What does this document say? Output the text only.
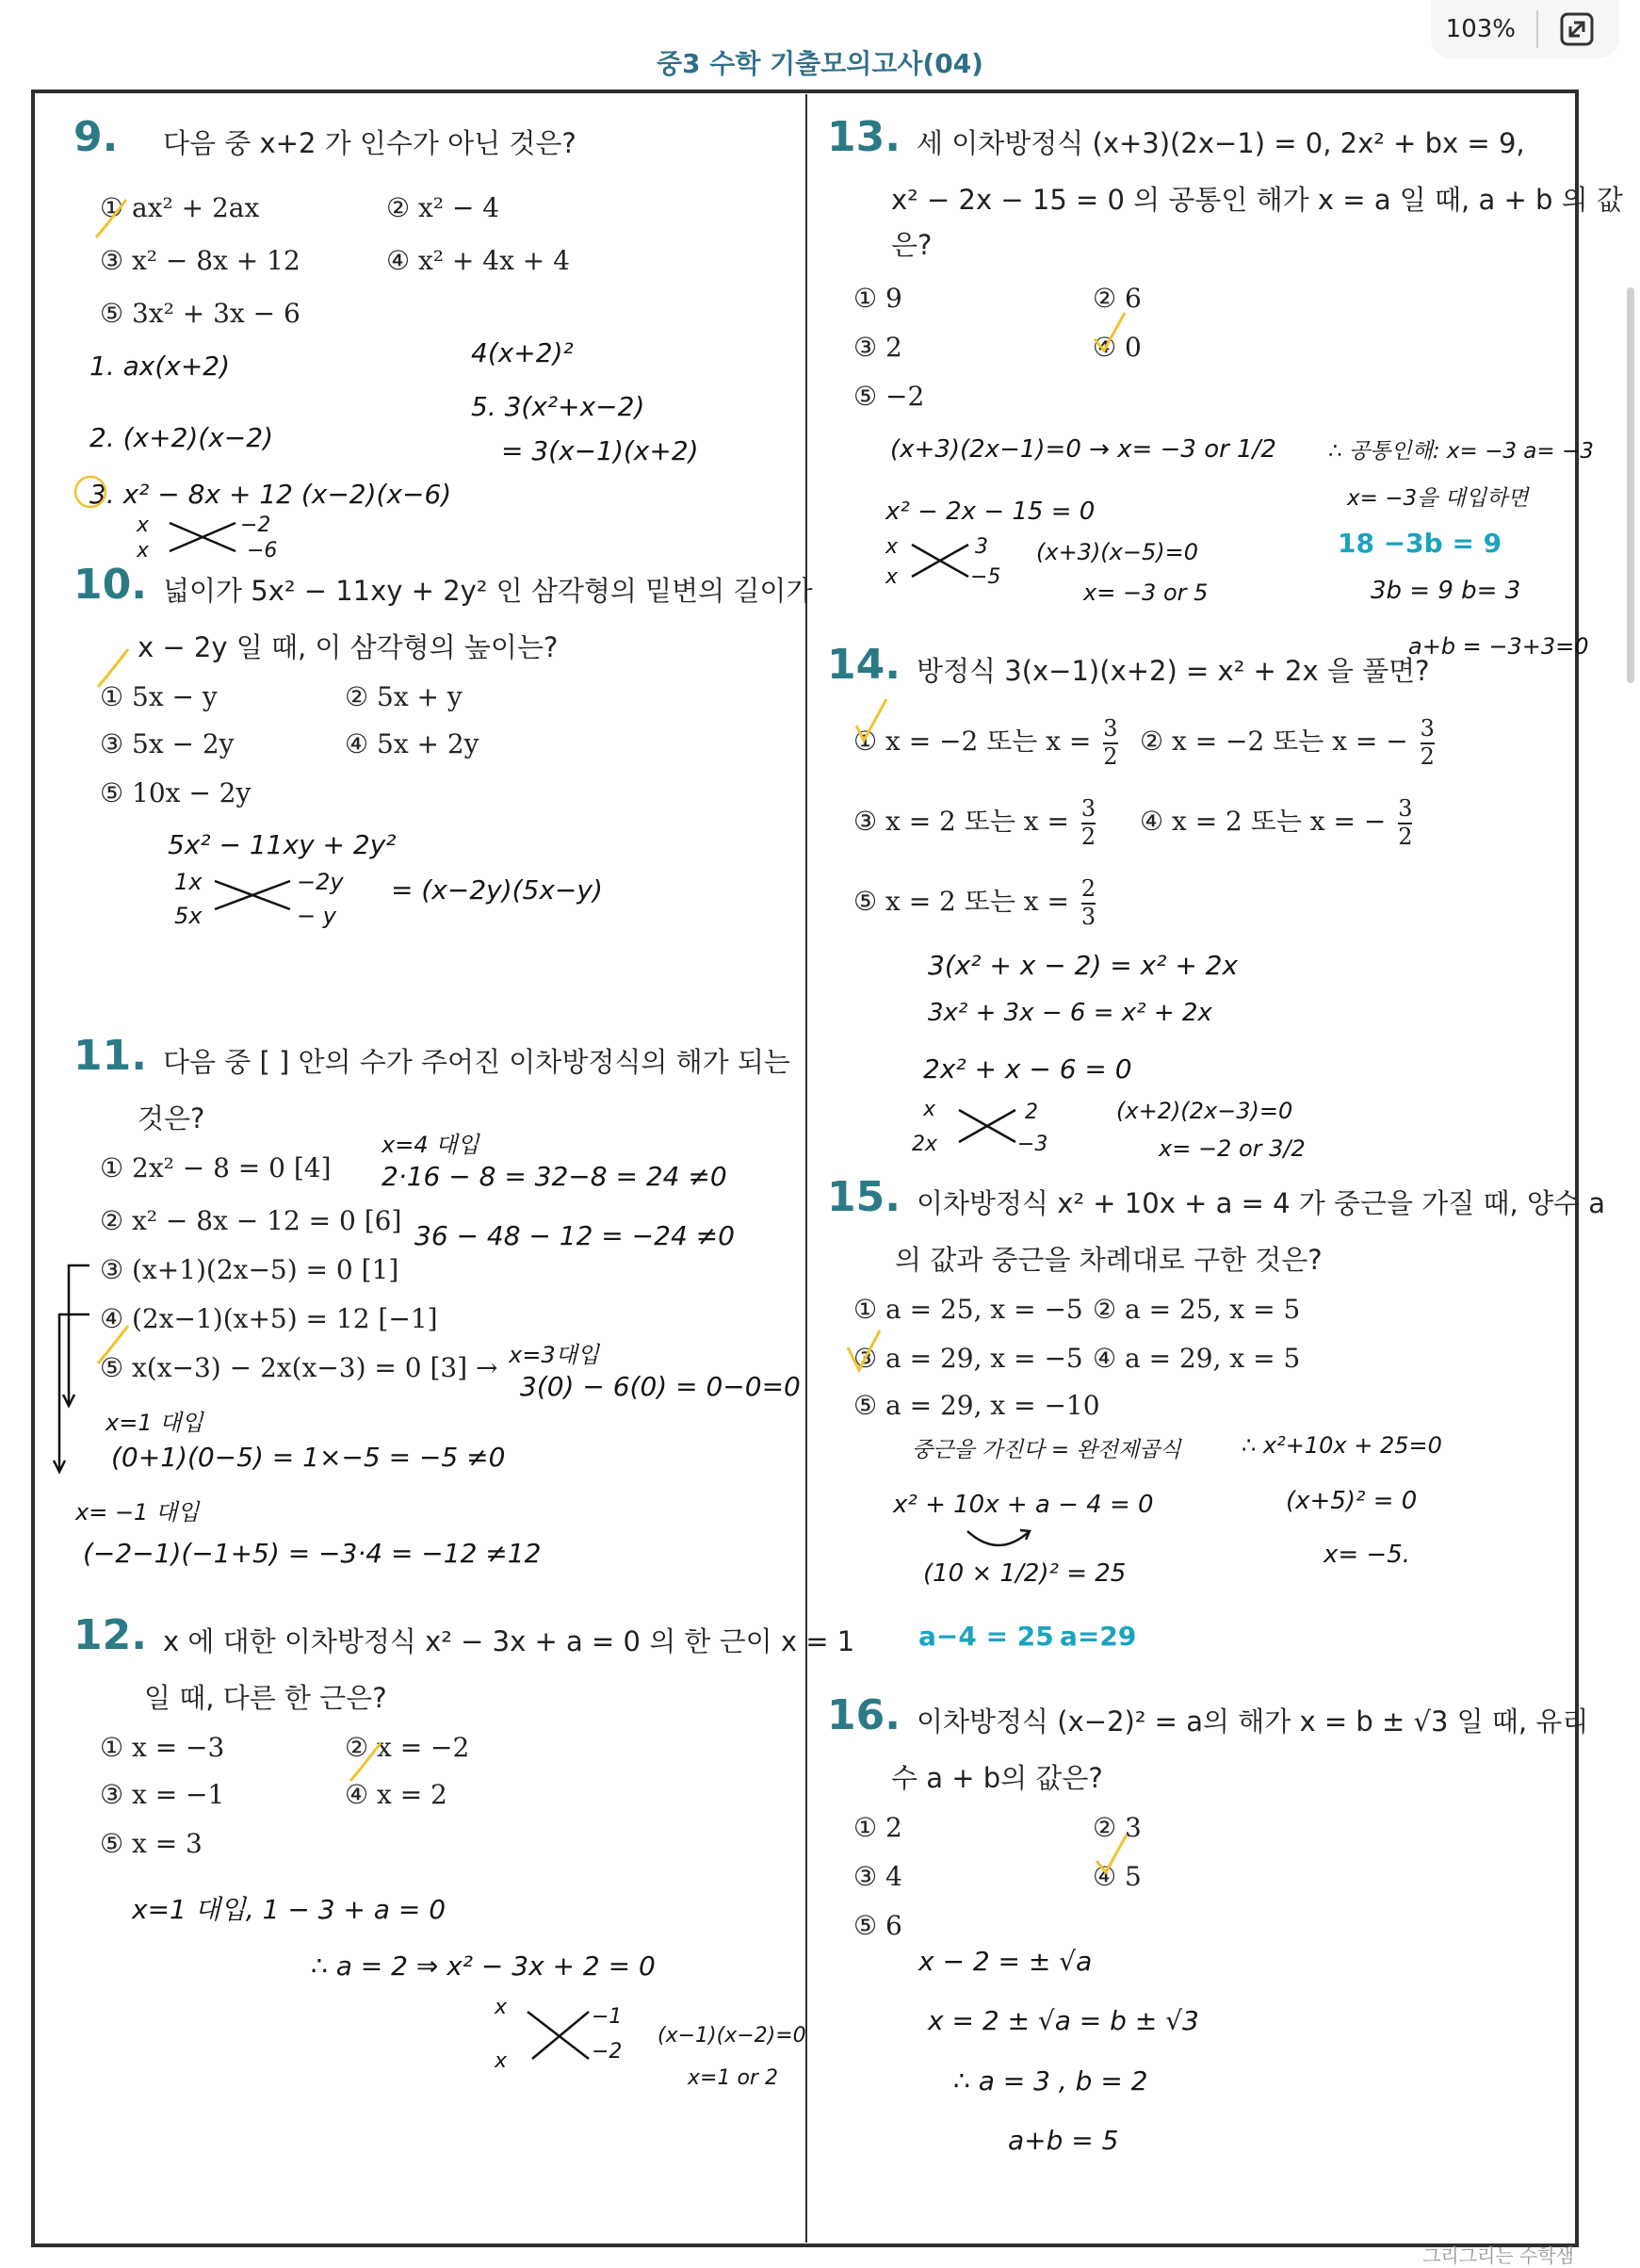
103%
중3 수학 기출모의고사(04)
그리그리는 수학샘
9. 다음 중 x+2 가 인수가 아닌 것은?
① ax² + 2ax	② x² − 4
③ x² − 8x + 12	④ x² + 4x + 4
⑤ 3x² + 3x − 6
1. ax(x+2)	4(x+2)²
5. 3(x²+x−2)
= 3(x−1)(x+2)
2. (x+2)(x−2)
3. x² − 8x + 12 (x−2)(x−6)
x
x
−2
−6
10. 넓이가 5x² − 11xy + 2y² 인 삼각형의 밑변의 길이가
x − 2y 일 때, 이 삼각형의 높이는?
① 5x − y	② 5x + y
③ 5x − 2y	④ 5x + 2y
⑤ 10x − 2y
5x² − 11xy + 2y²
1x
5x
−2y
− y
= (x−2y)(5x−y)
11. 다음 중 [ ] 안의 수가 주어진 이차방정식의 해가 되는
것은?
① 2x² − 8 = 0 [4]
② x² − 8x − 12 = 0 [6]
③ (x+1)(2x−5) = 0 [1]
④ (2x−1)(x+5) = 12 [−1]
⑤ x(x−3) − 2x(x−3) = 0 [3] →
x=4 대입
2·16 − 8 = 32−8 = 24 ≠0
36 − 48 − 12 = −24 ≠0
x=3대입
3(0) − 6(0) = 0−0=0
x=1 대입
(0+1)(0−5) = 1×−5 = −5 ≠0
x= −1 대입
(−2−1)(−1+5) = −3·4 = −12 ≠12
12. x 에 대한 이차방정식 x² − 3x + a = 0 의 한 근이 x = 1
일 때, 다른 한 근은?
① x = −3	② x = −2
③ x = −1	④ x = 2
⑤ x = 3
x=1 대입, 1 − 3 + a = 0
∴ a = 2 ⇒ x² − 3x + 2 = 0
x
x
−1
−2
(x−1)(x−2)=0
x=1 or 2
13. 세 이차방정식 (x+3)(2x−1) = 0, 2x² + bx = 9,
x² − 2x − 15 = 0 의 공통인 해가 x = a 일 때, a + b 의 값
은?
① 9	② 6
③ 2	④ 0
⑤ −2
(x+3)(2x−1)=0 → x= −3 or 1/2 ∴ 공통인해: x= −3 a= −3
x² − 2x − 15 = 0	x= −3을 대입하면
x
x
3
−5
(x+3)(x−5)=0
x= −3 or 5
18 −3b = 9
3b = 9 b= 3
a+b = −3+3=0
14. 방정식 3(x−1)(x+2) = x² + 2x 을 풀면?
① x = −2 또는 $x = \frac{3}{2}$ ② x = −2 또는 x = − $\frac{3}{2}$
③ x = 2 또는 $x = \frac{3}{2}$ ④ x = 2 또는 x = − $\frac{3}{2}$
⑤ x = 2 또는 $x = \frac{2}{3}$
3(x² + x − 2) = x² + 2x
3x² + 3x − 6 = x² + 2x
2x² + x − 6 = 0
x
2x
2
−3
(x+2)(2x−3)=0
x= −2 or 3/2
15. 이차방정식 x² + 10x + a = 4 가 중근을 가질 때, 양수 a
의 값과 중근을 차례대로 구한 것은?
① a = 25, x = −5 ② a = 25, x = 5
③ a = 29, x = −5 ④ a = 29, x = 5
⑤ a = 29, x = −10
중근을 가진다 = 완전제곱식	∴ x²+10x + 25=0
x² + 10x + a − 4 = 0	(x+5)² = 0
(10 × 1/2)² = 25
x= −5.
a−4 = 25 a=29
16. 이차방정식 (x−2)² = a의 해가 x = b ± √3 일 때, 유리
수 a + b의 값은?
① 2	② 3
③ 4	④ 5
⑤ 6
x − 2 = ± √a
x = 2 ± √a = b ± √3
∴ a = 3 , b = 2
a+b = 5
